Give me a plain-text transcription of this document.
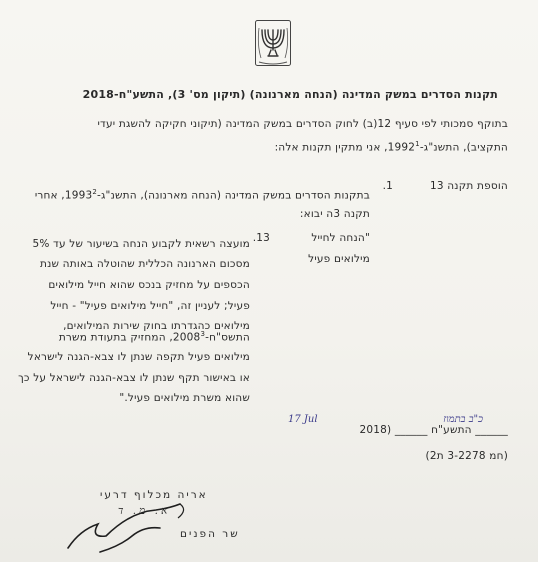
תקנות הסדרים במשק המדינה (הנחה מארנונה) (תיקון מס' 3), התשע"ח-2018
בתוקף סמכותי לפי סעיף 12(ב) לחוק הסדרים במשק המדינה (תיקוני חקיקה להשגת יעדי
התקציב), התשנ"ג-1992$^1$, אני מתקין תקנות אלה:
הוספת תקנה 13
1.
בתקנות הסדרים במשק המדינה (הנחה מארנונה), התשנ"ג-1993$^2$, אחרי
תקנה 3ה יבוא:
"הנחה לחייל
מילואים פעיל
13.
מועצה רשאית לקבוע הנחה בשיעור של עד 5%
מסכום הארנונה הכללית שהוטלה באותה שנת
הכספים על מחזיק בנכס שהוא חייל מילואים
פעיל; לעניין זה, "חייל מילואים פעיל" - חייל
מילואים כהגדרתו בחוק שירות המילואים,
התשס"ח-2008$^3$, המחזיק בתעודת משרת
מילואים פעיל תקפה שנתן לו צבא-הגנה לישראל
או באישור תקף שנתן לו צבא-הגנה לישראל על כך
שהוא משרת מילואים פעיל."
______ התשע"ח ______ (2018
17 Jul	כ"ב בתמוז
(חמ 3-2278 ת2)
אריה מכלוף דרעי
א. מ. ד
שר הפנים
